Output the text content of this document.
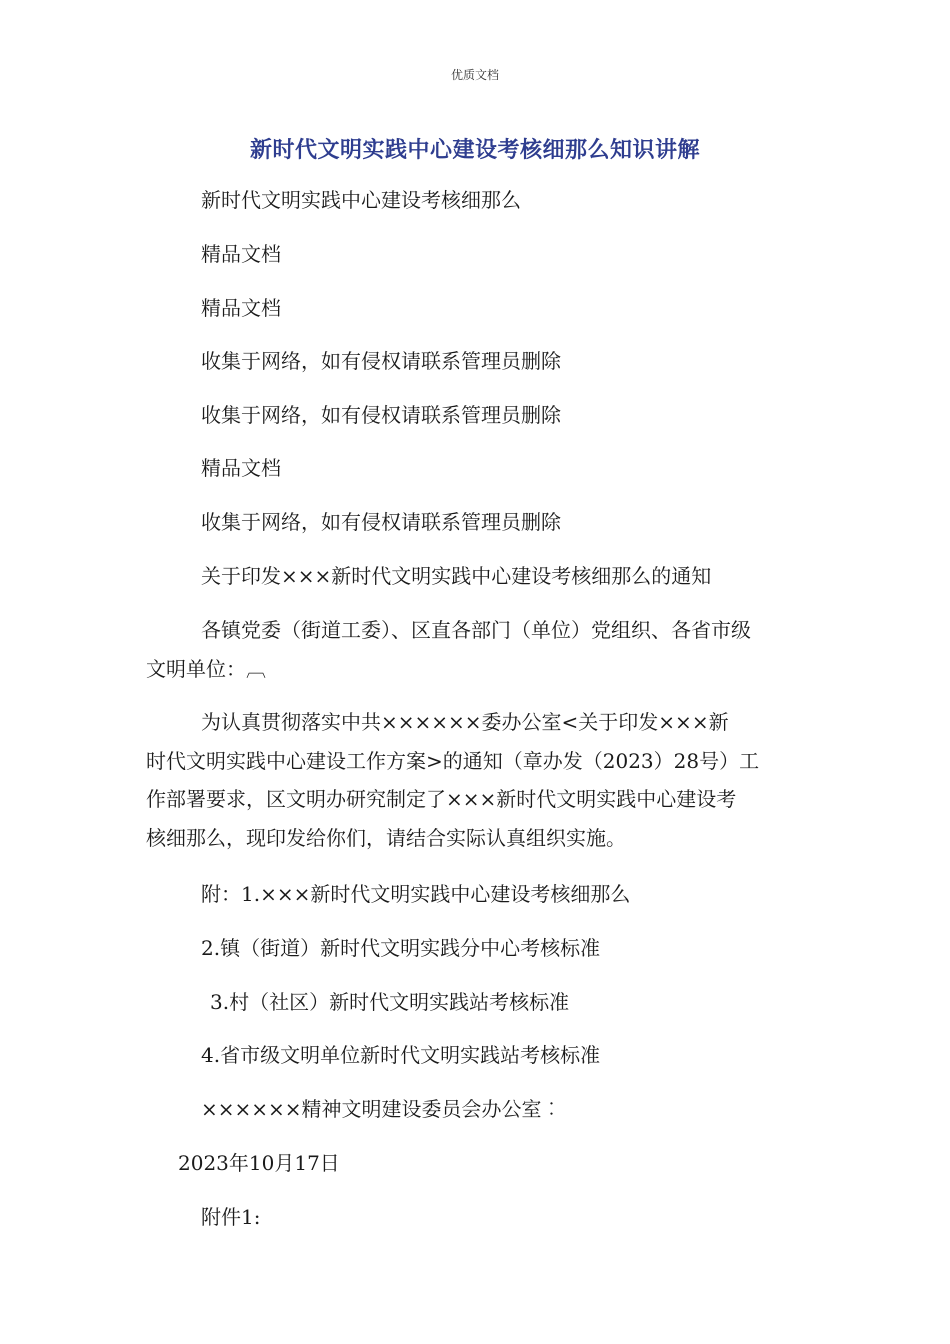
优质文档
新时代文明实践中心建设考核细那么知识讲解
新时代文明实践中心建设考核细那么
精品文档
精品文档
收集于网络，如有侵权请联系管理员删除
收集于网络，如有侵权请联系管理员删除
精品文档
收集于网络，如有侵权请联系管理员删除
关于印发×××新时代文明实践中心建设考核细那么的通知
各镇党委（街道工委）、区直各部门（单位）党组织、各省市级
文明单位：︹
为认真贯彻落实中共××××××委办公室<关于印发×××新
时代文明实践中心建设工作方案>的通知（章办发（2023）28号）工
作部署要求，区文明办研究制定了×××新时代文明实践中心建设考
核细那么，现印发给你们，请结合实际认真组织实施。
附：1.×××新时代文明实践中心建设考核细那么
2.镇（街道）新时代文明实践分中心考核标准
3.村（社区）新时代文明实践站考核标准
4.省市级文明单位新时代文明实践站考核标准
××××××精神文明建设委员会办公室︰
2023年10月17日
附件1:
